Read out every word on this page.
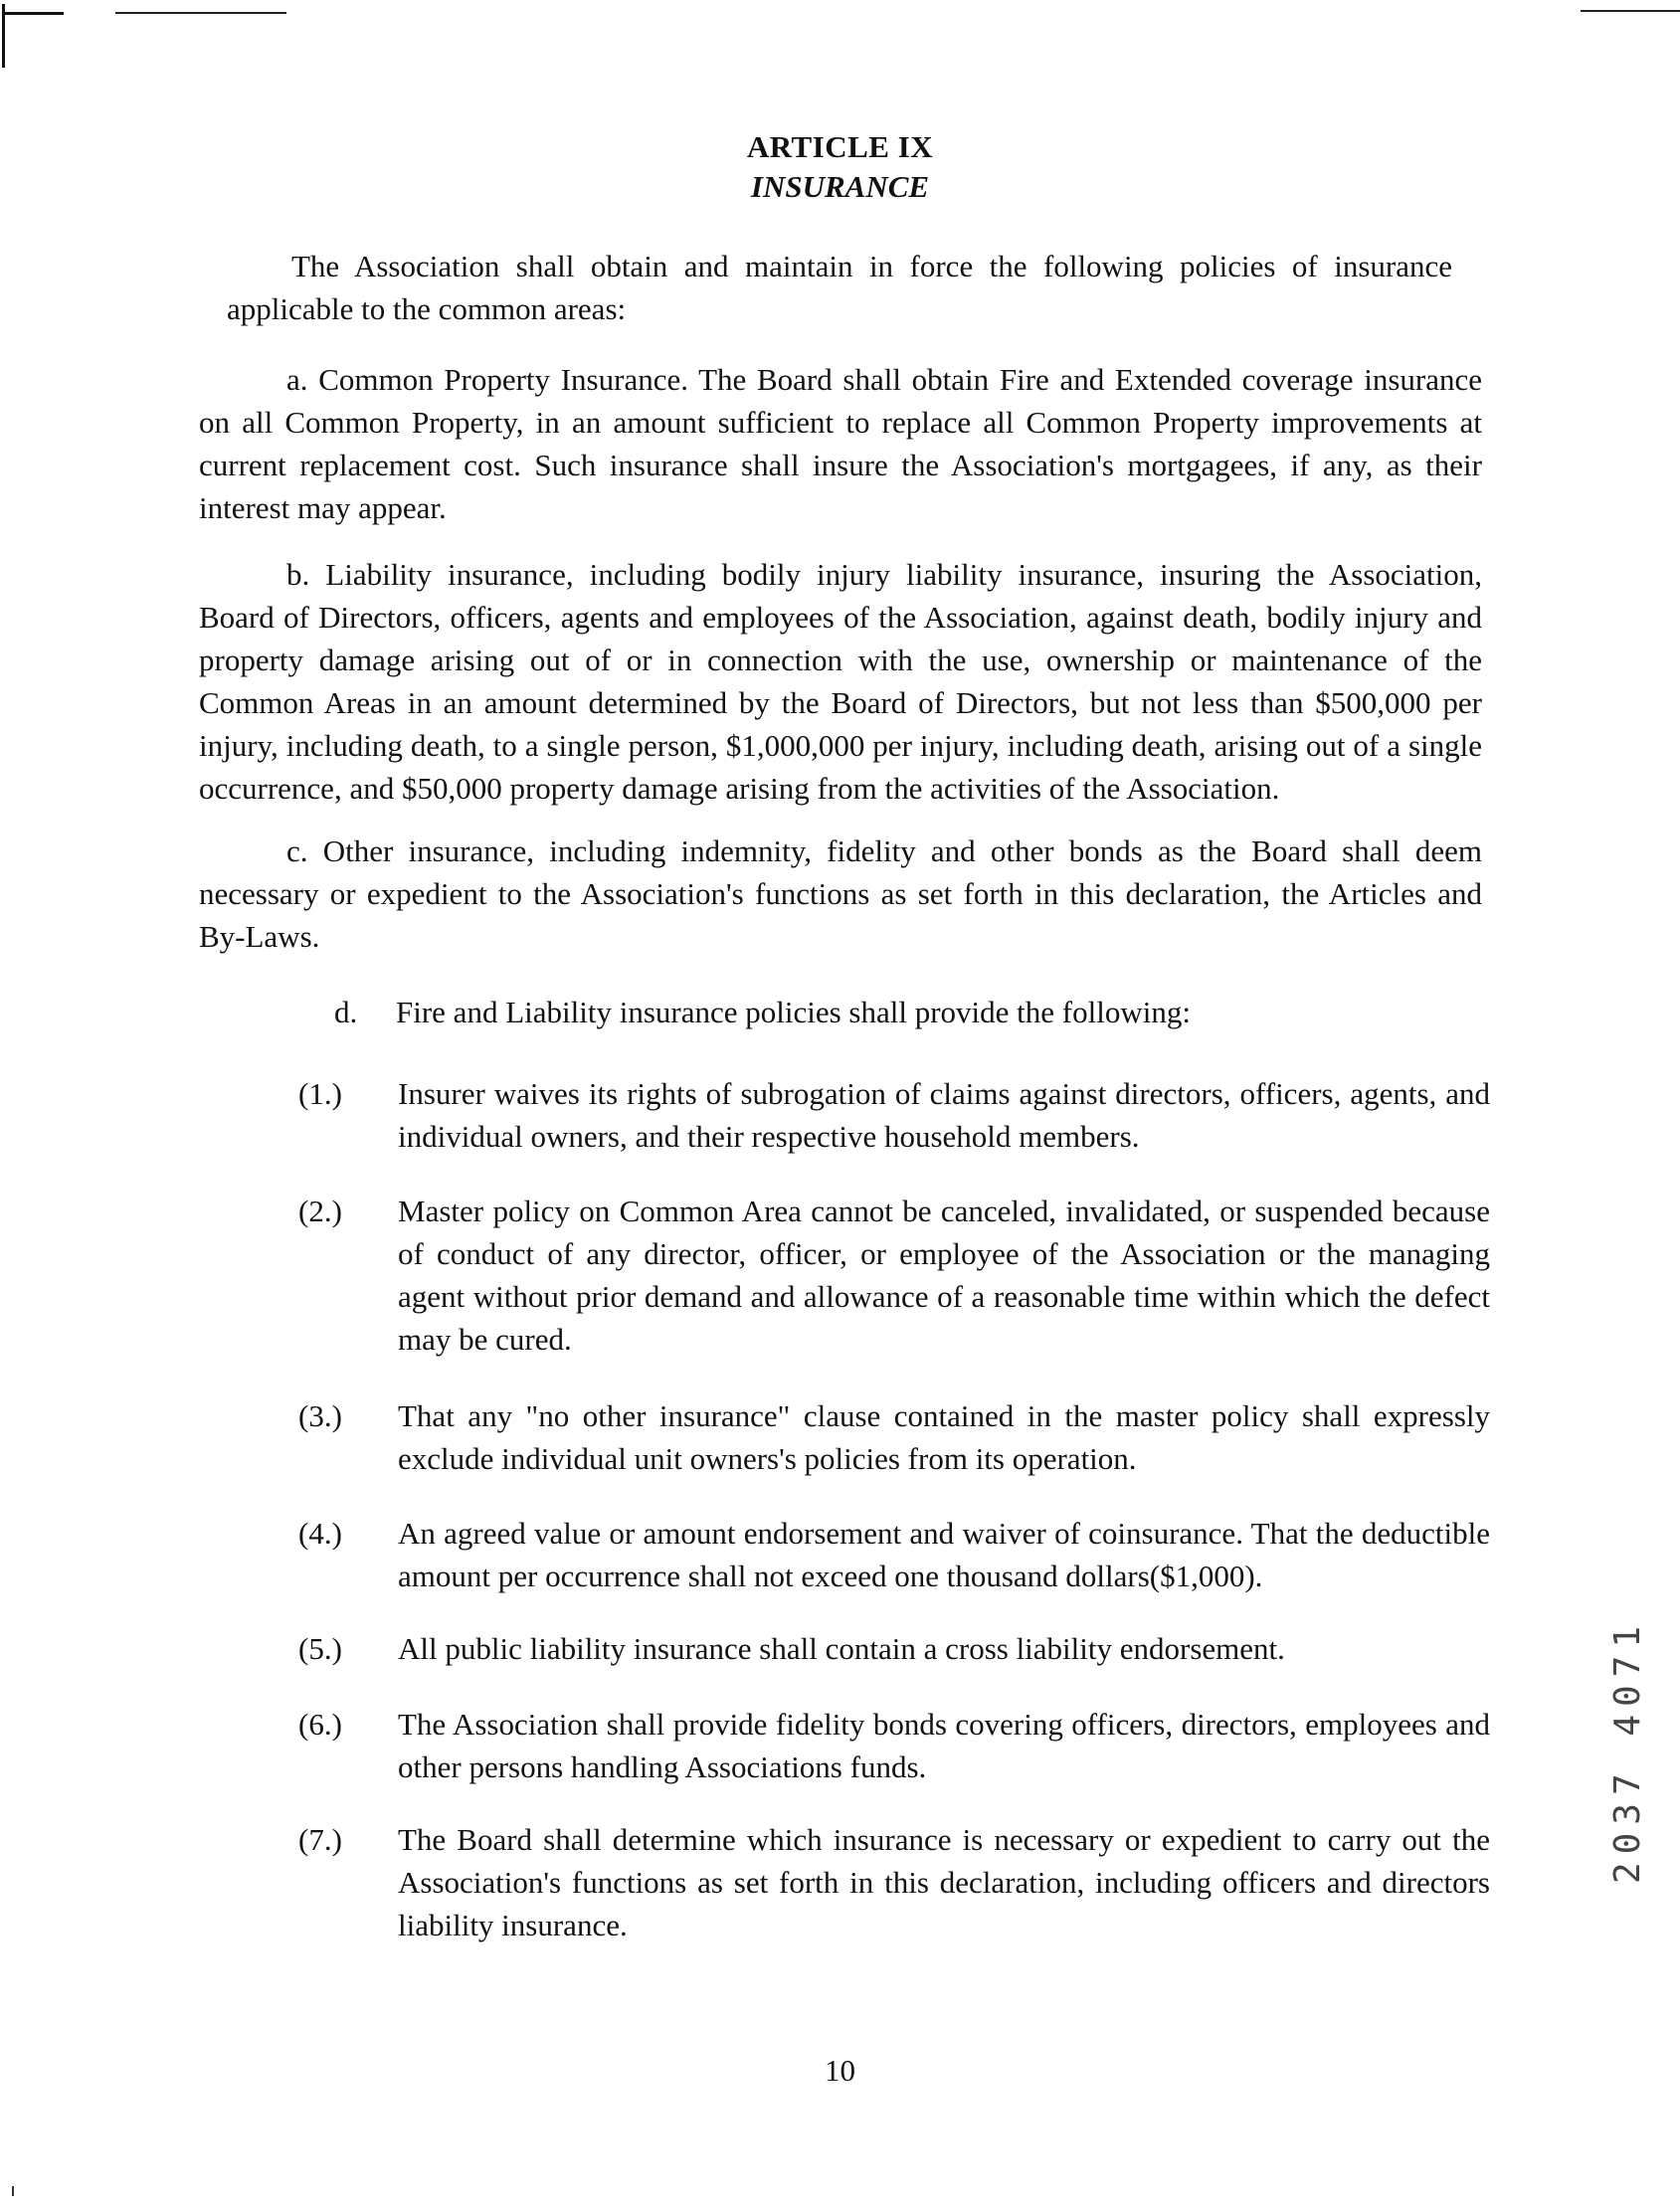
ARTICLE IX
INSURANCE
The Association shall obtain and maintain in force the following policies of insurance applicable to the common areas:
a. Common Property Insurance. The Board shall obtain Fire and Extended coverage insurance on all Common Property, in an amount sufficient to replace all Common Property improvements at current replacement cost. Such insurance shall insure the Association's mortgagees, if any, as their interest may appear.
b. Liability insurance, including bodily injury liability insurance, insuring the Association, Board of Directors, officers, agents and employees of the Association, against death, bodily injury and property damage arising out of or in connection with the use, ownership or maintenance of the Common Areas in an amount determined by the Board of Directors, but not less than $500,000 per injury, including death, to a single person, $1,000,000 per injury, including death, arising out of a single occurrence, and $50,000 property damage arising from the activities of the Association.
c. Other insurance, including indemnity, fidelity and other bonds as the Board shall deem necessary or expedient to the Association's functions as set forth in this declaration, the Articles and By-Laws.
d. Fire and Liability insurance policies shall provide the following:
(1.)	Insurer waives its rights of subrogation of claims against directors, officers, agents, and individual owners, and their respective household members.
(2.)	Master policy on Common Area cannot be canceled, invalidated, or suspended because of conduct of any director, officer, or employee of the Association or the managing agent without prior demand and allowance of a reasonable time within which the defect may be cured.
(3.)	That any "no other insurance" clause contained in the master policy shall expressly exclude individual unit owners's policies from its operation.
(4.)	An agreed value or amount endorsement and waiver of coinsurance. That the deductible amount per occurrence shall not exceed one thousand dollars($1,000).
(5.)	All public liability insurance shall contain a cross liability endorsement.
(6.)	The Association shall provide fidelity bonds covering officers, directors, employees and other persons handling Associations funds.
(7.)	The Board shall determine which insurance is necessary or expedient to carry out the Association's functions as set forth in this declaration, including officers and directors liability insurance.
10
2037 4071
